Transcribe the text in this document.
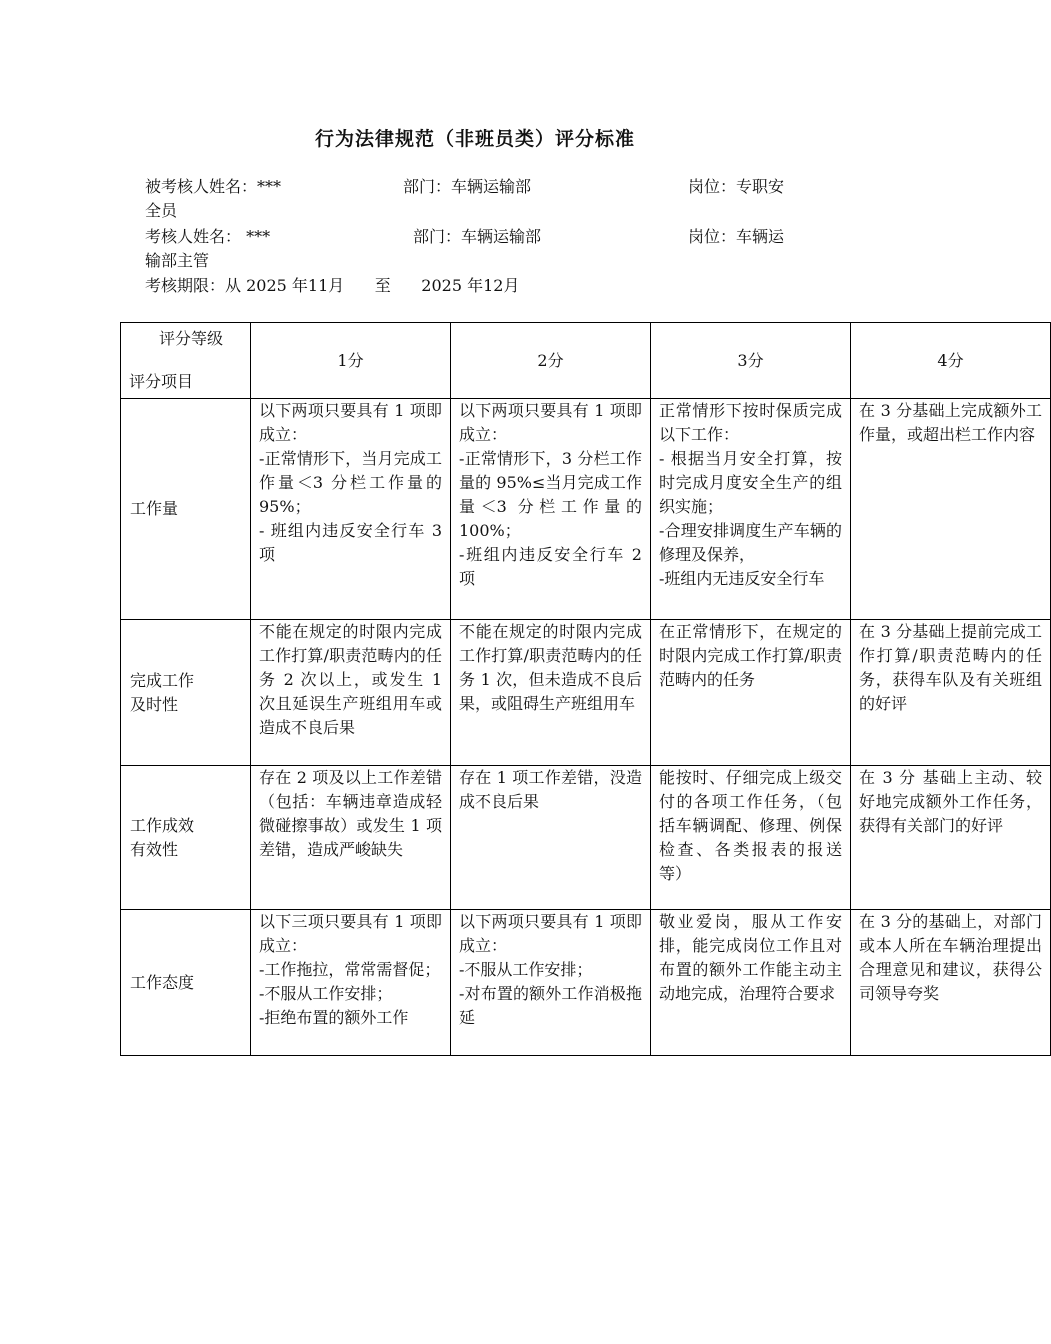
行为法律规范（非班员类）评分标准
被考核人姓名：***	部门：车辆运输部	岗位：专职安
全员
考核人姓名： ***	部门：车辆运输部	岗位：车辆运
输部主管
考核期限：从 2025 年11月      至      2025 年12月
评分等级
评分项目	1分	2分	3分	4分

工作量	以下两项只要具有 1 项即成立：
-正常情形下，当月完成工作量＜3 分栏工作量的 95%；
- 班组内违反安全行车 3 项	以下两项只要具有 1 项即成立：
-正常情形下，3 分栏工作量的 95%≤当月完成工作量＜3 分栏工作量的 100%；
-班组内违反安全行车 2 项	正常情形下按时保质完成以下工作：
- 根据当月安全打算，按时完成月度安全生产的组织实施；
-合理安排调度生产车辆的修理及保养，
-班组内无违反安全行车	在 3 分基础上完成额外工作量，或超出栏工作内容

完成工作
及时性	不能在规定的时限内完成工作打算/职责范畴内的任务 2 次以上，或发生 1 次且延误生产班组用车或造成不良后果	不能在规定的时限内完成工作打算/职责范畴内的任务 1 次，但未造成不良后果，或阻碍生产班组用车	在正常情形下，在规定的时限内完成工作打算/职责范畴内的任务	在 3 分基础上提前完成工作打算/职责范畴内的任务，获得车队及有关班组的好评

工作成效
有效性	存在 2 项及以上工作差错（包括：车辆违章造成轻微碰擦事故）或发生 1 项差错，造成严峻缺失	存在 1 项工作差错，没造成不良后果	能按时、仔细完成上级交付的各项工作任务，（包括车辆调配、修理、例保检查、各类报表的报送等）	在 3 分 基础上主动、较好地完成额外工作任务，获得有关部门的好评

工作态度	以下三项只要具有 1 项即成立：
-工作拖拉，常常需督促；
-不服从工作安排；
-拒绝布置的额外工作	以下两项只要具有 1 项即成立：
-不服从工作安排；
-对布置的额外工作消极拖延	敬业爱岗，服从工作安排，能完成岗位工作且对布置的额外工作能主动主动地完成，治理符合要求	在 3 分的基础上，对部门或本人所在车辆治理提出合理意见和建议，获得公司领导夸奖
